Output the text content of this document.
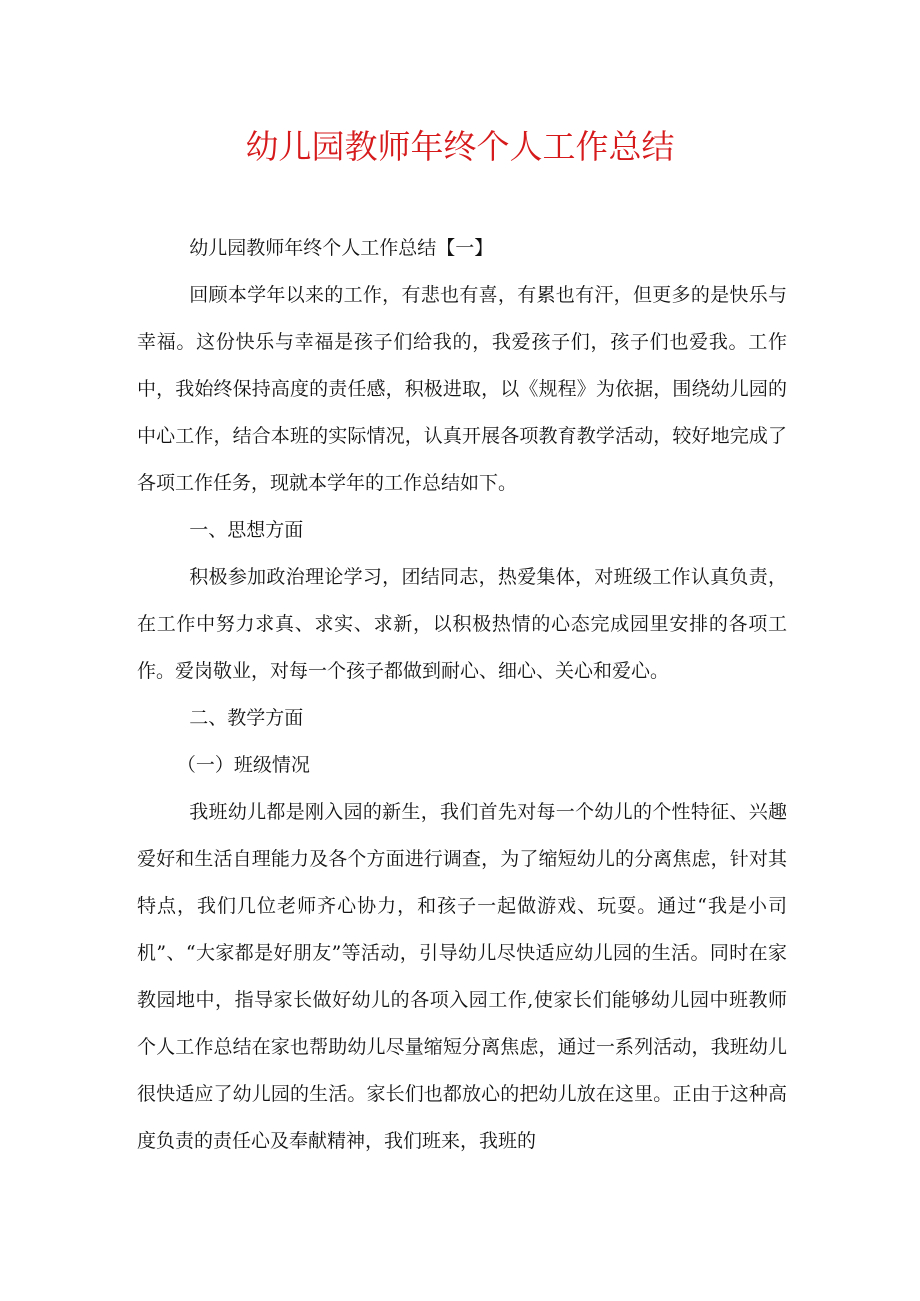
幼儿园教师年终个人工作总结

幼儿园教师年终个人工作总结【一】

回顾本学年以来的工作，有悲也有喜，有累也有汗，但更多的是快乐与幸福。这份快乐与幸福是孩子们给我的，我爱孩子们，孩子们也爱我。工作中，我始终保持高度的责任感，积极进取，以《规程》为依据，围绕幼儿园的中心工作，结合本班的实际情况，认真开展各项教育教学活动，较好地完成了各项工作任务，现就本学年的工作总结如下。

一、思想方面

积极参加政治理论学习，团结同志，热爱集体，对班级工作认真负责，在工作中努力求真、求实、求新，以积极热情的心态完成园里安排的各项工作。爱岗敬业，对每一个孩子都做到耐心、细心、关心和爱心。

二、教学方面

（一）班级情况

我班幼儿都是刚入园的新生，我们首先对每一个幼儿的个性特征、兴趣爱好和生活自理能力及各个方面进行调查，为了缩短幼儿的分离焦虑，针对其特点，我们几位老师齐心协力，和孩子一起做游戏、玩耍。通过“我是小司机”、“大家都是好朋友”等活动，引导幼儿尽快适应幼儿园的生活。同时在家教园地中，指导家长做好幼儿的各项入园工作,使家长们能够幼儿园中班教师个人工作总结在家也帮助幼儿尽量缩短分离焦虑，通过一系列活动，我班幼儿很快适应了幼儿园的生活。家长们也都放心的把幼儿放在这里。正由于这种高度负责的责任心及奉献精神，我们班来，我班的
